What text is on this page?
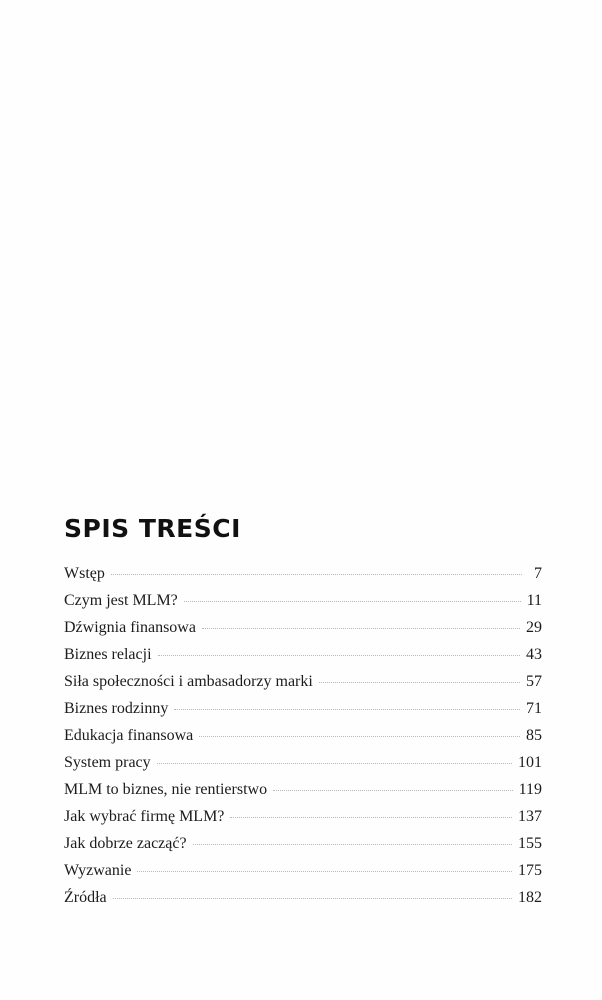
SPIS TREŚCI
Wstęp	7
Czym jest MLM?	11
Dźwignia finansowa	29
Biznes relacji	43
Siła społeczności i ambasadorzy marki	57
Biznes rodzinny	71
Edukacja finansowa	85
System pracy	101
MLM to biznes, nie rentierstwo	119
Jak wybrać firmę MLM?	137
Jak dobrze zacząć?	155
Wyzwanie	175
Źródła	182
